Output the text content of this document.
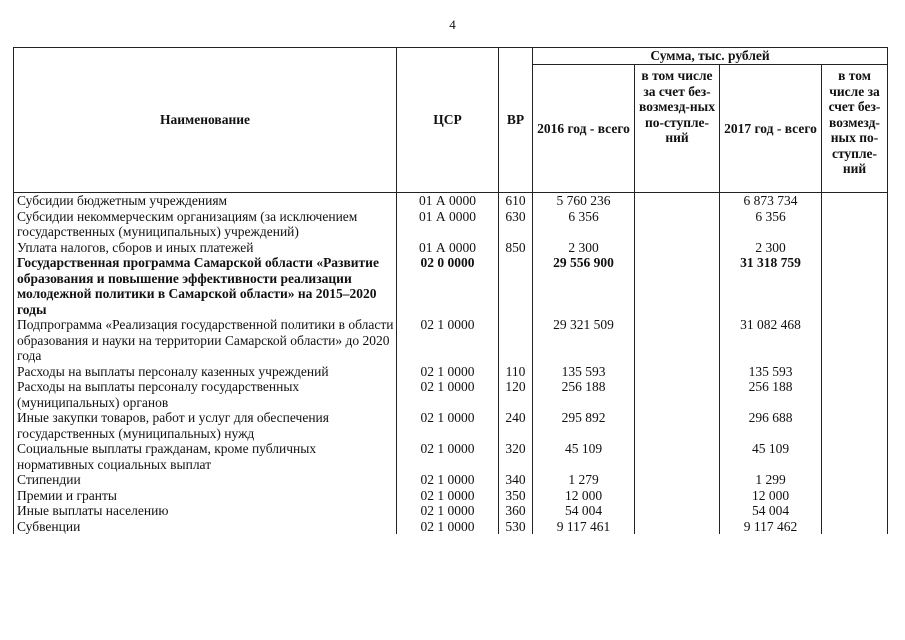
4
Наименование	ЦСР	ВР	Сумма, тыс. рублей			
			2016 год - всего	в том числе за счет без-возмезд-ных по-ступле-ний	2017 год - всего	в том числе за счет без-возмезд-ных по-ступле-ний
Субсидии бюджетным учреждениям	01 А 0000	610	5 760 236		6 873 734	
Субсидии некоммерческим организациям (за исключением государственных (муниципальных) учреждений)	01 А 0000	630	6 356		6 356	
Уплата налогов, сборов и иных платежей	01 А 0000	850	2 300		2 300	
Государственная программа Самарской области «Развитие образования и повышение эффективности реализации молодежной политики в Самарской области» на 2015–2020 годы	02 0 0000		29 556 900		31 318 759	
Подпрограмма «Реализация государственной политики в области образования и науки на территории Самарской области» до 2020 года	02 1 0000		29 321 509		31 082 468	
Расходы на выплаты персоналу казенных учреждений	02 1 0000	110	135 593		135 593	
Расходы на выплаты персоналу государственных (муниципальных) органов	02 1 0000	120	256 188		256 188	
Иные закупки товаров, работ и услуг для обеспечения государственных (муниципальных) нужд	02 1 0000	240	295 892		296 688	
Социальные выплаты гражданам, кроме публичных нормативных социальных выплат	02 1 0000	320	45 109		45 109	
Стипендии	02 1 0000	340	1 279		1 299	
Премии и гранты	02 1 0000	350	12 000		12 000	
Иные выплаты населению	02 1 0000	360	54 004		54 004	
Субвенции	02 1 0000	530	9 117 461		9 117 462	
